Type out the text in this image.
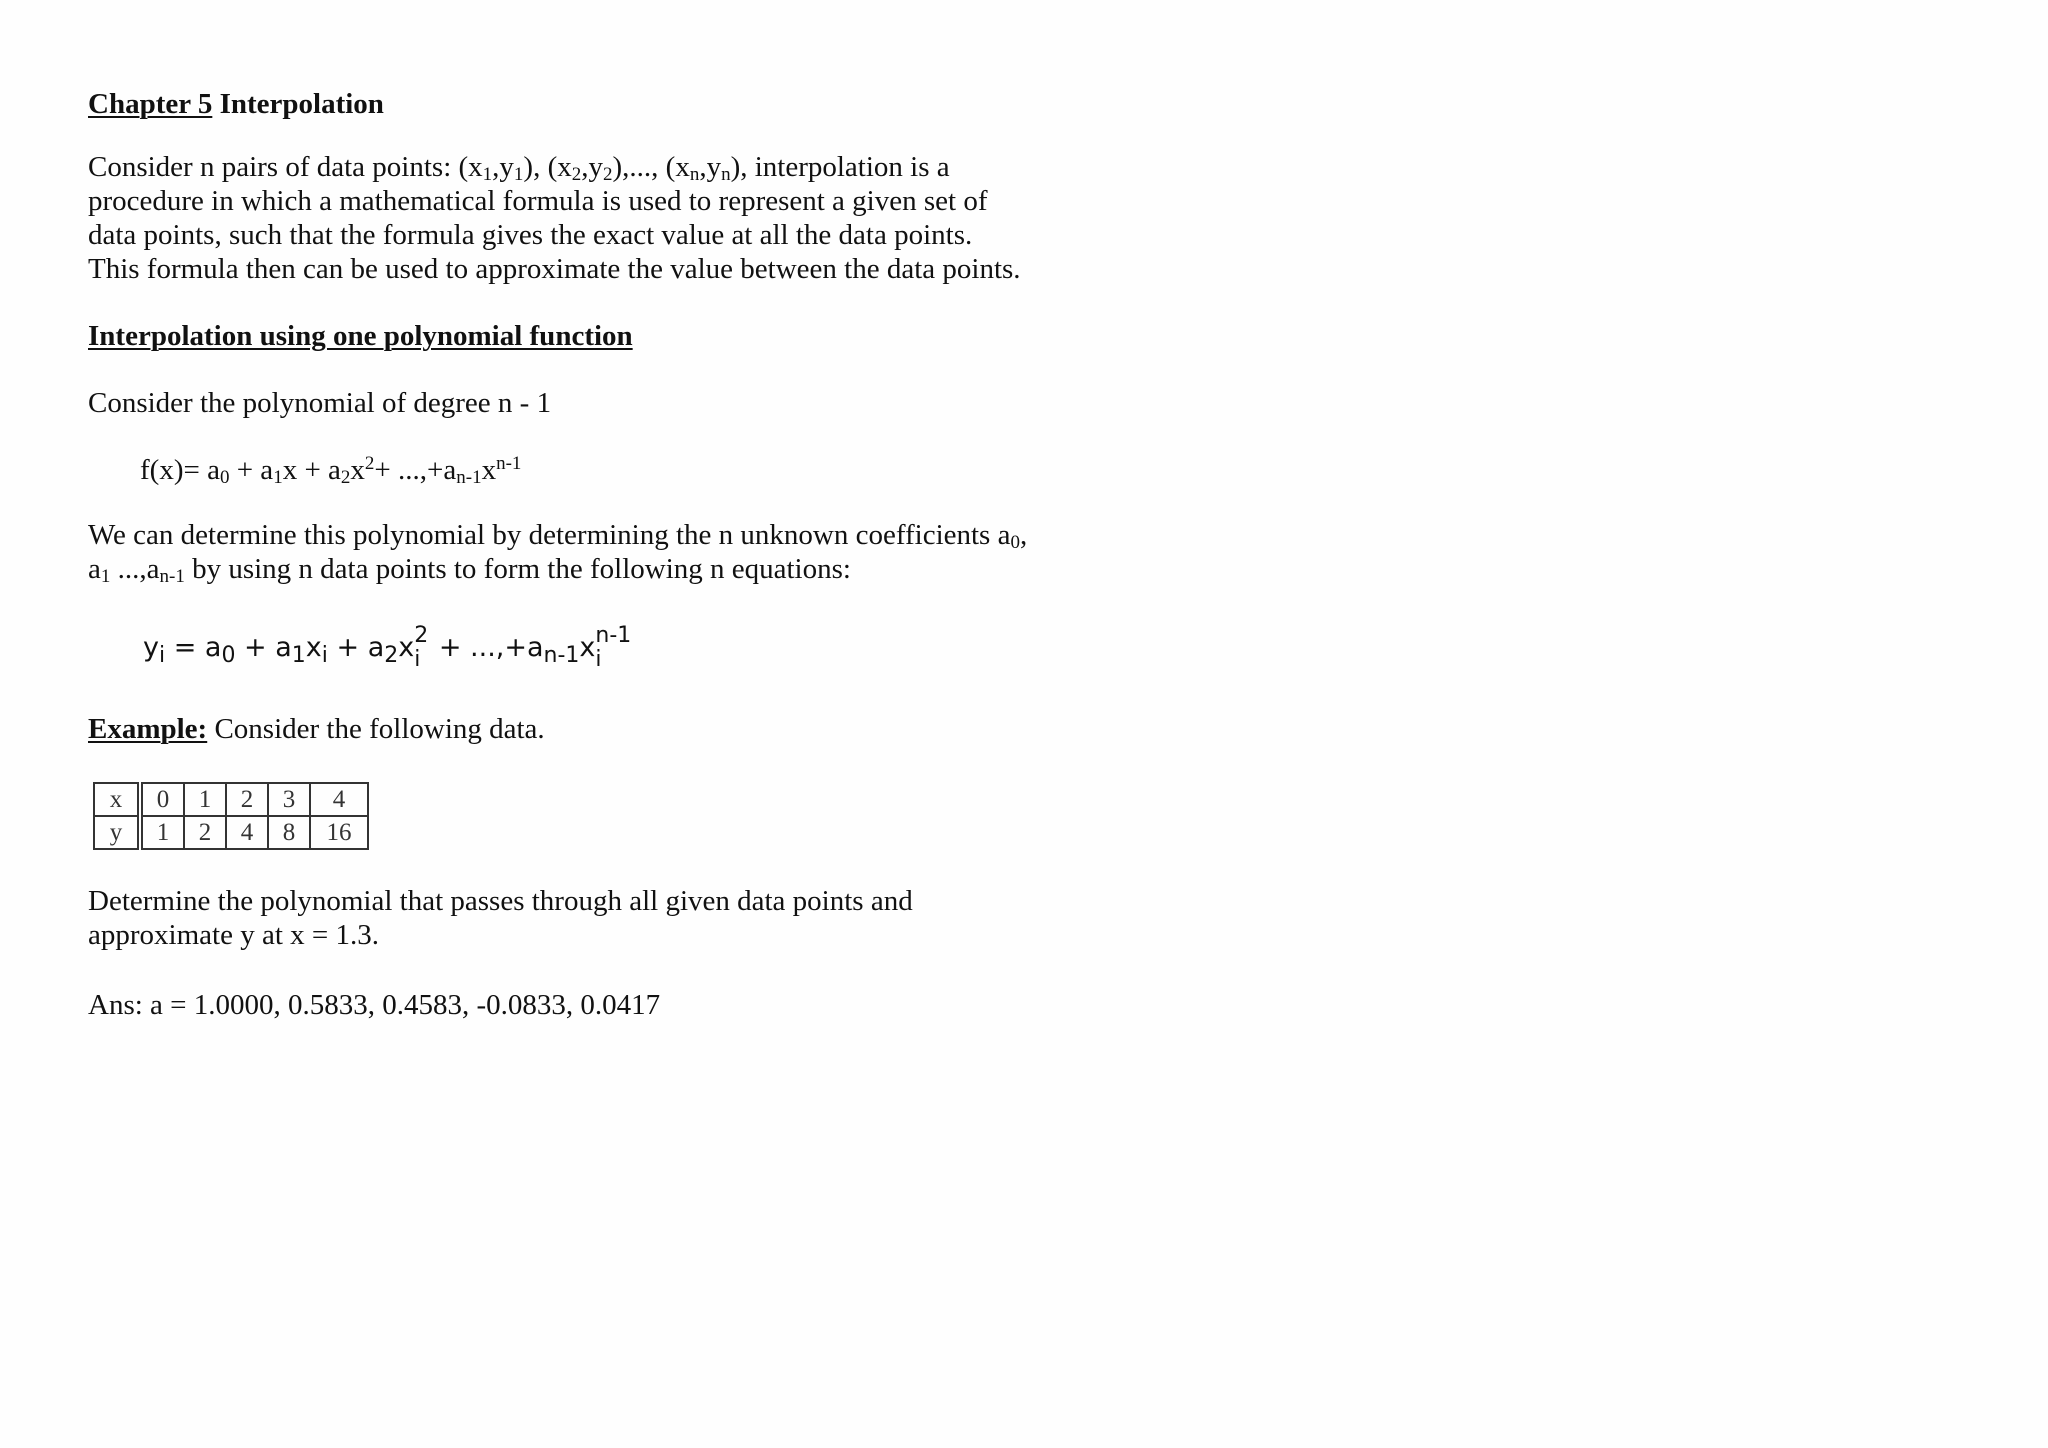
Chapter 5 Interpolation

Consider n pairs of data points: $(x_1,y_1)$, $(x_2,y_2)$,..., $(x_n,y_n)$, interpolation is a procedure in which a mathematical formula is used to represent a given set of data points, such that the formula gives the exact value at all the data points. This formula then can be used to approximate the value between the data points.

Interpolation using one polynomial function

Consider the polynomial of degree n - 1

$f(x)= a_0 + a_1x + a_2x^2+ ...,+a_{n-1}x^{n-1}$

We can determine this polynomial by determining the n unknown coefficients $a_0$, $a_1$ $...,a_{n-1}$ by using n data points to form the following n equations:

$y_i = a_0 + a_1x_i + a_2x$ 2
$i + ...,+a_{n-1}x$ n-1
i

Example: Consider the following data.

x	0	1	2	3	4
y	1	2	4	8	16

Determine the polynomial that passes through all given data points and approximate y at x = 1.3.

Ans: a = 1.0000, 0.5833, 0.4583, -0.0833, 0.0417
